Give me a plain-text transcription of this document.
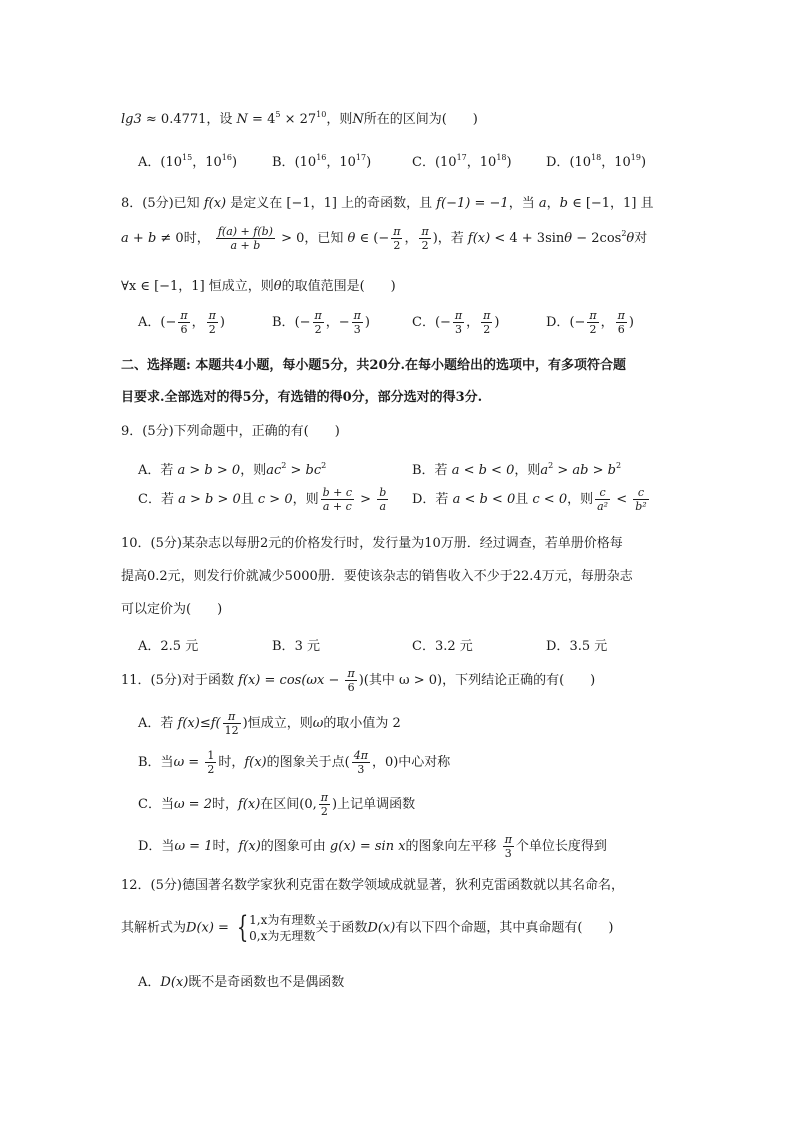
lg3 ≈ 0.4771，设 $N = 4^5 \times 27^{10}$，则N所在的区间为(　　)
A．($10^{15}$，$10^{16}$)	B．($10^{16}$，$10^{17}$)	C．($10^{17}$，$10^{18}$)	D．($10^{18}$，$10^{19}$)
8．(5分)已知 f(x) 是定义在 [−1，1] 上的奇函数，且 f(−1) = −1，当 a，b ∈ [−1，1] 且
a + b ≠ 0时， $\frac{f(a) + f(b)}{a + b} > 0$，已知 θ ∈ (− $\frac{\pi}{2}$ ， $\frac{\pi}{2}$ )，若 $f(x) < 4 + 3\sin\theta - 2\cos^2\theta$对
∀x ∈ [−1，1] 恒成立，则θ的取值范围是(　　)
A．(− $\frac{\pi}{6}$ ， $\frac{\pi}{2}$ )	B．(− $\frac{\pi}{2}$ ，− $\frac{\pi}{3}$ )	C．(− $\frac{\pi}{3}$ ， $\frac{\pi}{2}$ )	D．(− $\frac{\pi}{2}$ ， $\frac{\pi}{6}$ )
二、选择题: 本题共4小题，每小题5分，共20分.在每小题给出的选项中，有多项符合题
目要求.全部选对的得5分，有选错的得0分，部分选对的得3分.
9．(5分)下列命题中，正确的有(　　)
A．若 a > b > 0，则$ac^2 > bc^2$	B．若 a < b < 0，则$a^2$ > ab > $b^2$
C．若 a > b > 0且 c > 0，则 $\frac{b + c}{a + c} > \frac{b}{a}$ D．若 a < b < 0且 c < 0，则 $\frac{c}{\text{a²}} < \frac{c}{\text{b²}}$
10．(5分)某杂志以每册2元的价格发行时，发行量为10万册．经过调查，若单册价格每
提高0.2元，则发行价就减少5000册．要使该杂志的销售收入不少于22.4万元，每册杂志
可以定价为(　　)
A．2.5 元	B．3 元	C．3.2 元	D．3.5 元
11．(5分)对于函数 $f(x) = \cos(\omega x - \frac{\pi}{6}$ )(其中 ω > 0)，下列结论正确的有(　　)
A．若 $f(x)\le f( \frac{\pi}{12}$ )恒成立，则ω的取小值为 2
B．当$\omega = \frac{1}{2}$ 时，f(x)的图象关于点( $\frac{4\pi}{3}$ ，0)中心对称
C．当ω = 2时，f(x)在区间(0, $\frac{\pi}{2}$ )上记单调函数
D．当ω = 1时，f(x)的图象可由 g(x) = sin x的图象向左平移 $\frac{\pi}{3}$ 个单位长度得到
12．(5分)德国著名数学家狄利克雷在数学领域成就显著，狄利克雷函数就以其名命名，
其解析式为D(x) = { 1,x为有理数
0,x为无理数
关于函数D(x)有以下四个命题，其中真命题有(　　)
A．D(x)既不是奇函数也不是偶函数
